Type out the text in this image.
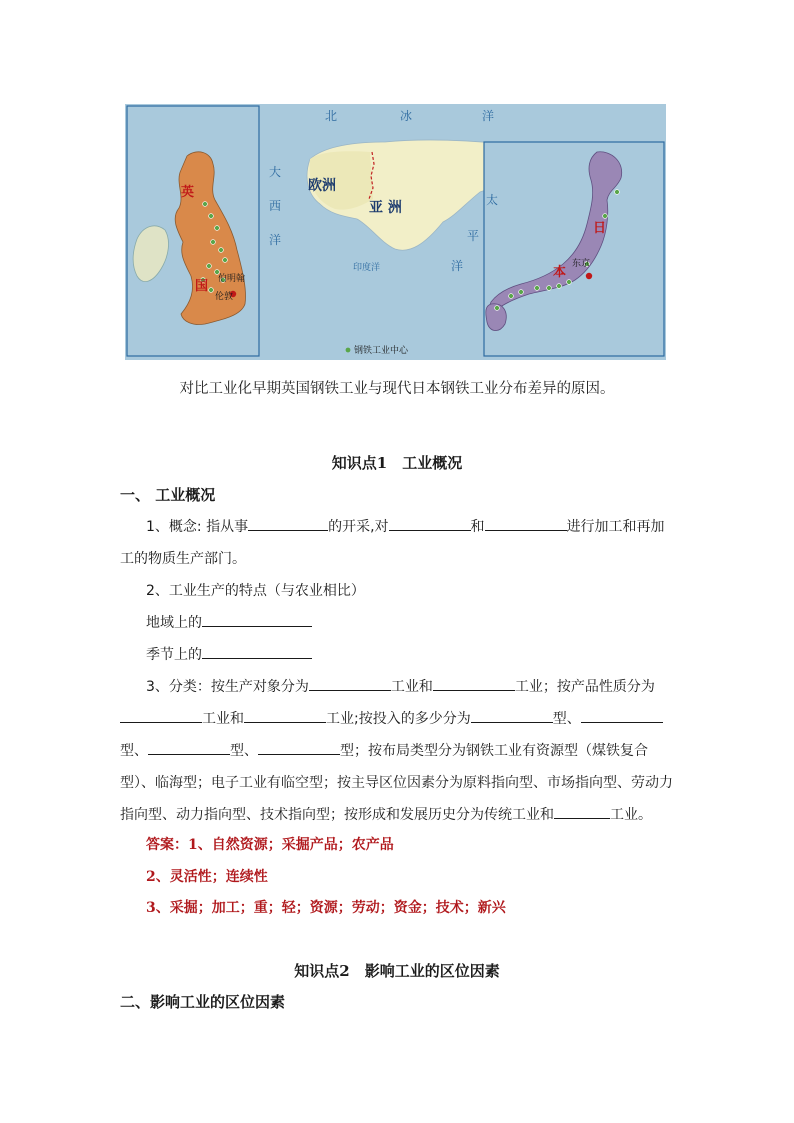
北	冰	洋
大
西
洋
太
平
洋
印度洋
欧洲
亚 洲
英
国 伯明翰
伦敦
日
本
东京
钢铁工业中心
对比工业化早期英国钢铁工业与现代日本钢铁工业分布差异的原因。
知识点1　工业概况
一、 工业概况
1、概念: 指从事	的开采,对	和	进行加工和再加
工的物质生产部门。
2、工业生产的特点（与农业相比）
地域上的
季节上的
3、分类：按生产对象分为	工业和	工业；按产品性质分为
工业和	工业;按投入的多少分为	型、
型、	型、	型；按布局类型分为钢铁工业有资源型（煤铁复合
型）、临海型；电子工业有临空型；按主导区位因素分为原料指向型、市场指向型、劳动力
指向型、动力指向型、技术指向型；按形成和发展历史分为传统工业和	工业。
答案：1、自然资源；采掘产品；农产品
2、灵活性；连续性
3、采掘；加工；重；轻；资源；劳动；资金；技术；新兴
知识点2　影响工业的区位因素
二、影响工业的区位因素
